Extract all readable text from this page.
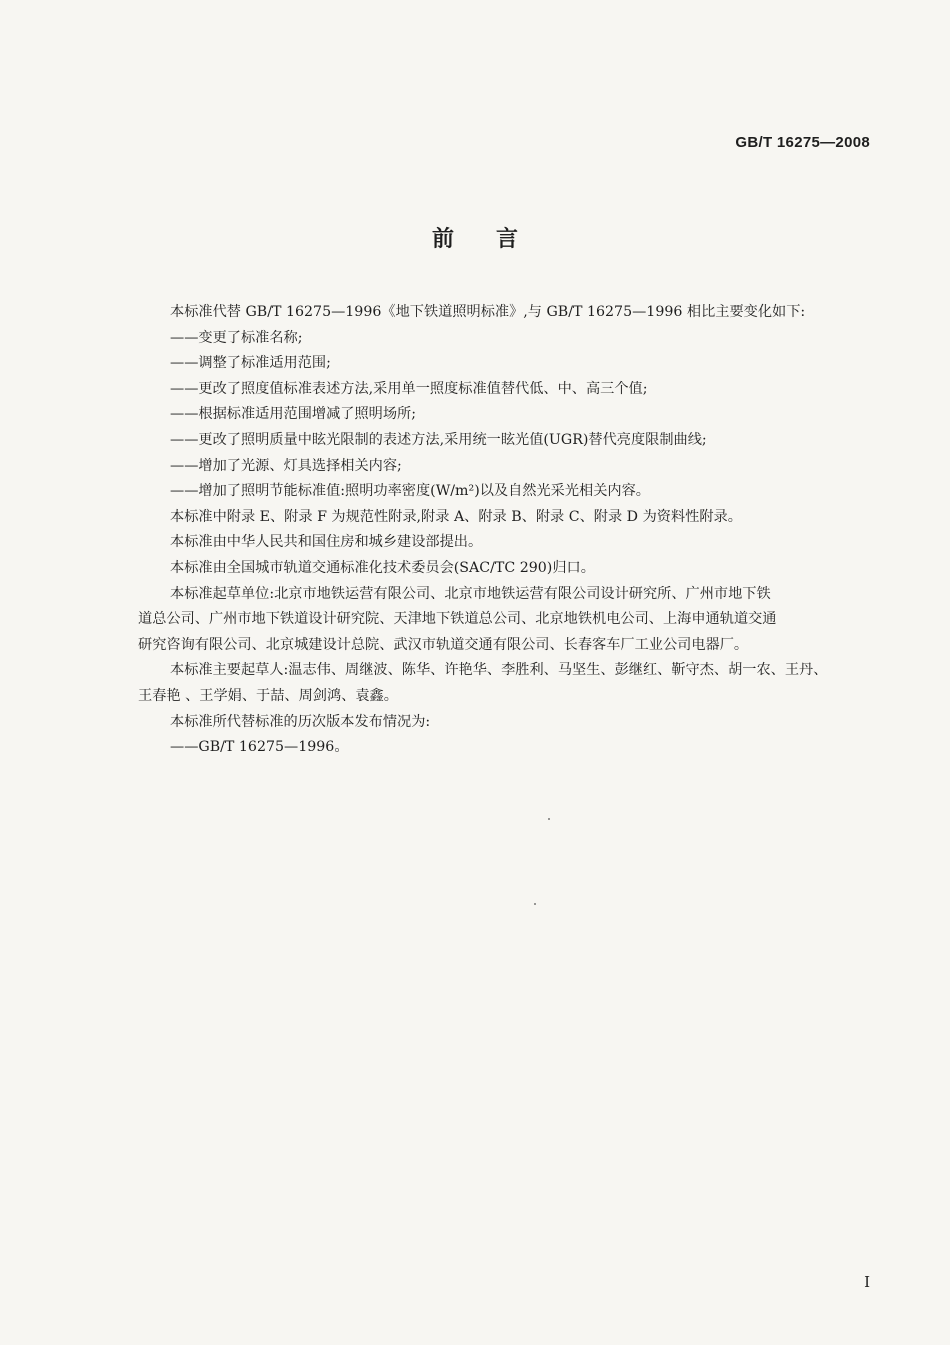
GB/T 16275—2008
前言

本标准代替 GB/T 16275—1996《地下铁道照明标准》,与 GB/T 16275—1996 相比主要变化如下:

——变更了标准名称;

——调整了标准适用范围;

——更改了照度值标准表述方法,采用单一照度标准值替代低、中、高三个值;

——根据标准适用范围增减了照明场所;

——更改了照明质量中眩光限制的表述方法,采用统一眩光值(UGR)替代亮度限制曲线;

——增加了光源、灯具选择相关内容;

——增加了照明节能标准值:照明功率密度(W/m²)以及自然光采光相关内容。

本标准中附录 E、附录 F 为规范性附录,附录 A、附录 B、附录 C、附录 D 为资料性附录。

本标准由中华人民共和国住房和城乡建设部提出。

本标准由全国城市轨道交通标准化技术委员会(SAC/TC 290)归口。

本标准起草单位:北京市地铁运营有限公司、北京市地铁运营有限公司设计研究所、广州市地下铁
道总公司、广州市地下铁道设计研究院、天津地下铁道总公司、北京地铁机电公司、上海申通轨道交通
研究咨询有限公司、北京城建设计总院、武汉市轨道交通有限公司、长春客车厂工业公司电器厂。

本标准主要起草人:温志伟、周继波、陈华、许艳华、李胜利、马坚生、彭继红、靳守杰、胡一农、王丹、
王春艳 、王学娟、于喆、周剑鸿、袁鑫。

本标准所代替标准的历次版本发布情况为:

——GB/T 16275—1996。

I
